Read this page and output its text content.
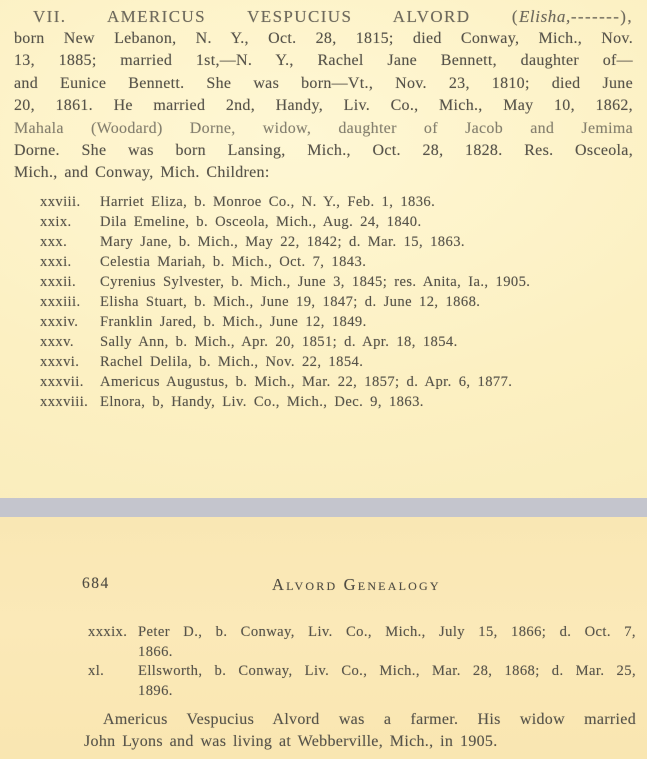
VII. AMERICUS VESPUCIUS ALVORD (Elisha,-------),
born New Lebanon, N. Y., Oct. 28, 1815; died Conway, Mich., Nov.
13, 1885; married 1st,—N. Y., Rachel Jane Bennett, daughter of—
and Eunice Bennett. She was born—Vt., Nov. 23, 1810; died June
20, 1861. He married 2nd, Handy, Liv. Co., Mich., May 10, 1862,
Mahala (Woodard) Dorne, widow, daughter of Jacob and Jemima
Dorne. She was born Lansing, Mich., Oct. 28, 1828. Res. Osceola,
Mich., and Conway, Mich. Children:
xxviii.	Harriet Eliza, b. Monroe Co., N. Y., Feb. 1, 1836.
xxix.	Dila Emeline, b. Osceola, Mich., Aug. 24, 1840.
xxx.	Mary Jane, b. Mich., May 22, 1842; d. Mar. 15, 1863.
xxxi.	Celestia Mariah, b. Mich., Oct. 7, 1843.
xxxii.	Cyrenius Sylvester, b. Mich., June 3, 1845; res. Anita, Ia., 1905.
xxxiii.	Elisha Stuart, b. Mich., June 19, 1847; d. June 12, 1868.
xxxiv.	Franklin Jared, b. Mich., June 12, 1849.
xxxv.	Sally Ann, b. Mich., Apr. 20, 1851; d. Apr. 18, 1854.
xxxvi.	Rachel Delila, b. Mich., Nov. 22, 1854.
xxxvii.	Americus Augustus, b. Mich., Mar. 22, 1857; d. Apr. 6, 1877.
xxxviii. Elnora, b, Handy, Liv. Co., Mich., Dec. 9, 1863.
684	Alvord Genealogy
xxxix. Peter D., b. Conway, Liv. Co., Mich., July 15, 1866; d. Oct. 7,
1866.
xl.	Ellsworth, b. Conway, Liv. Co., Mich., Mar. 28, 1868; d. Mar. 25,
1896.
Americus Vespucius Alvord was a farmer. His widow married
John Lyons and was living at Webberville, Mich., in 1905.
